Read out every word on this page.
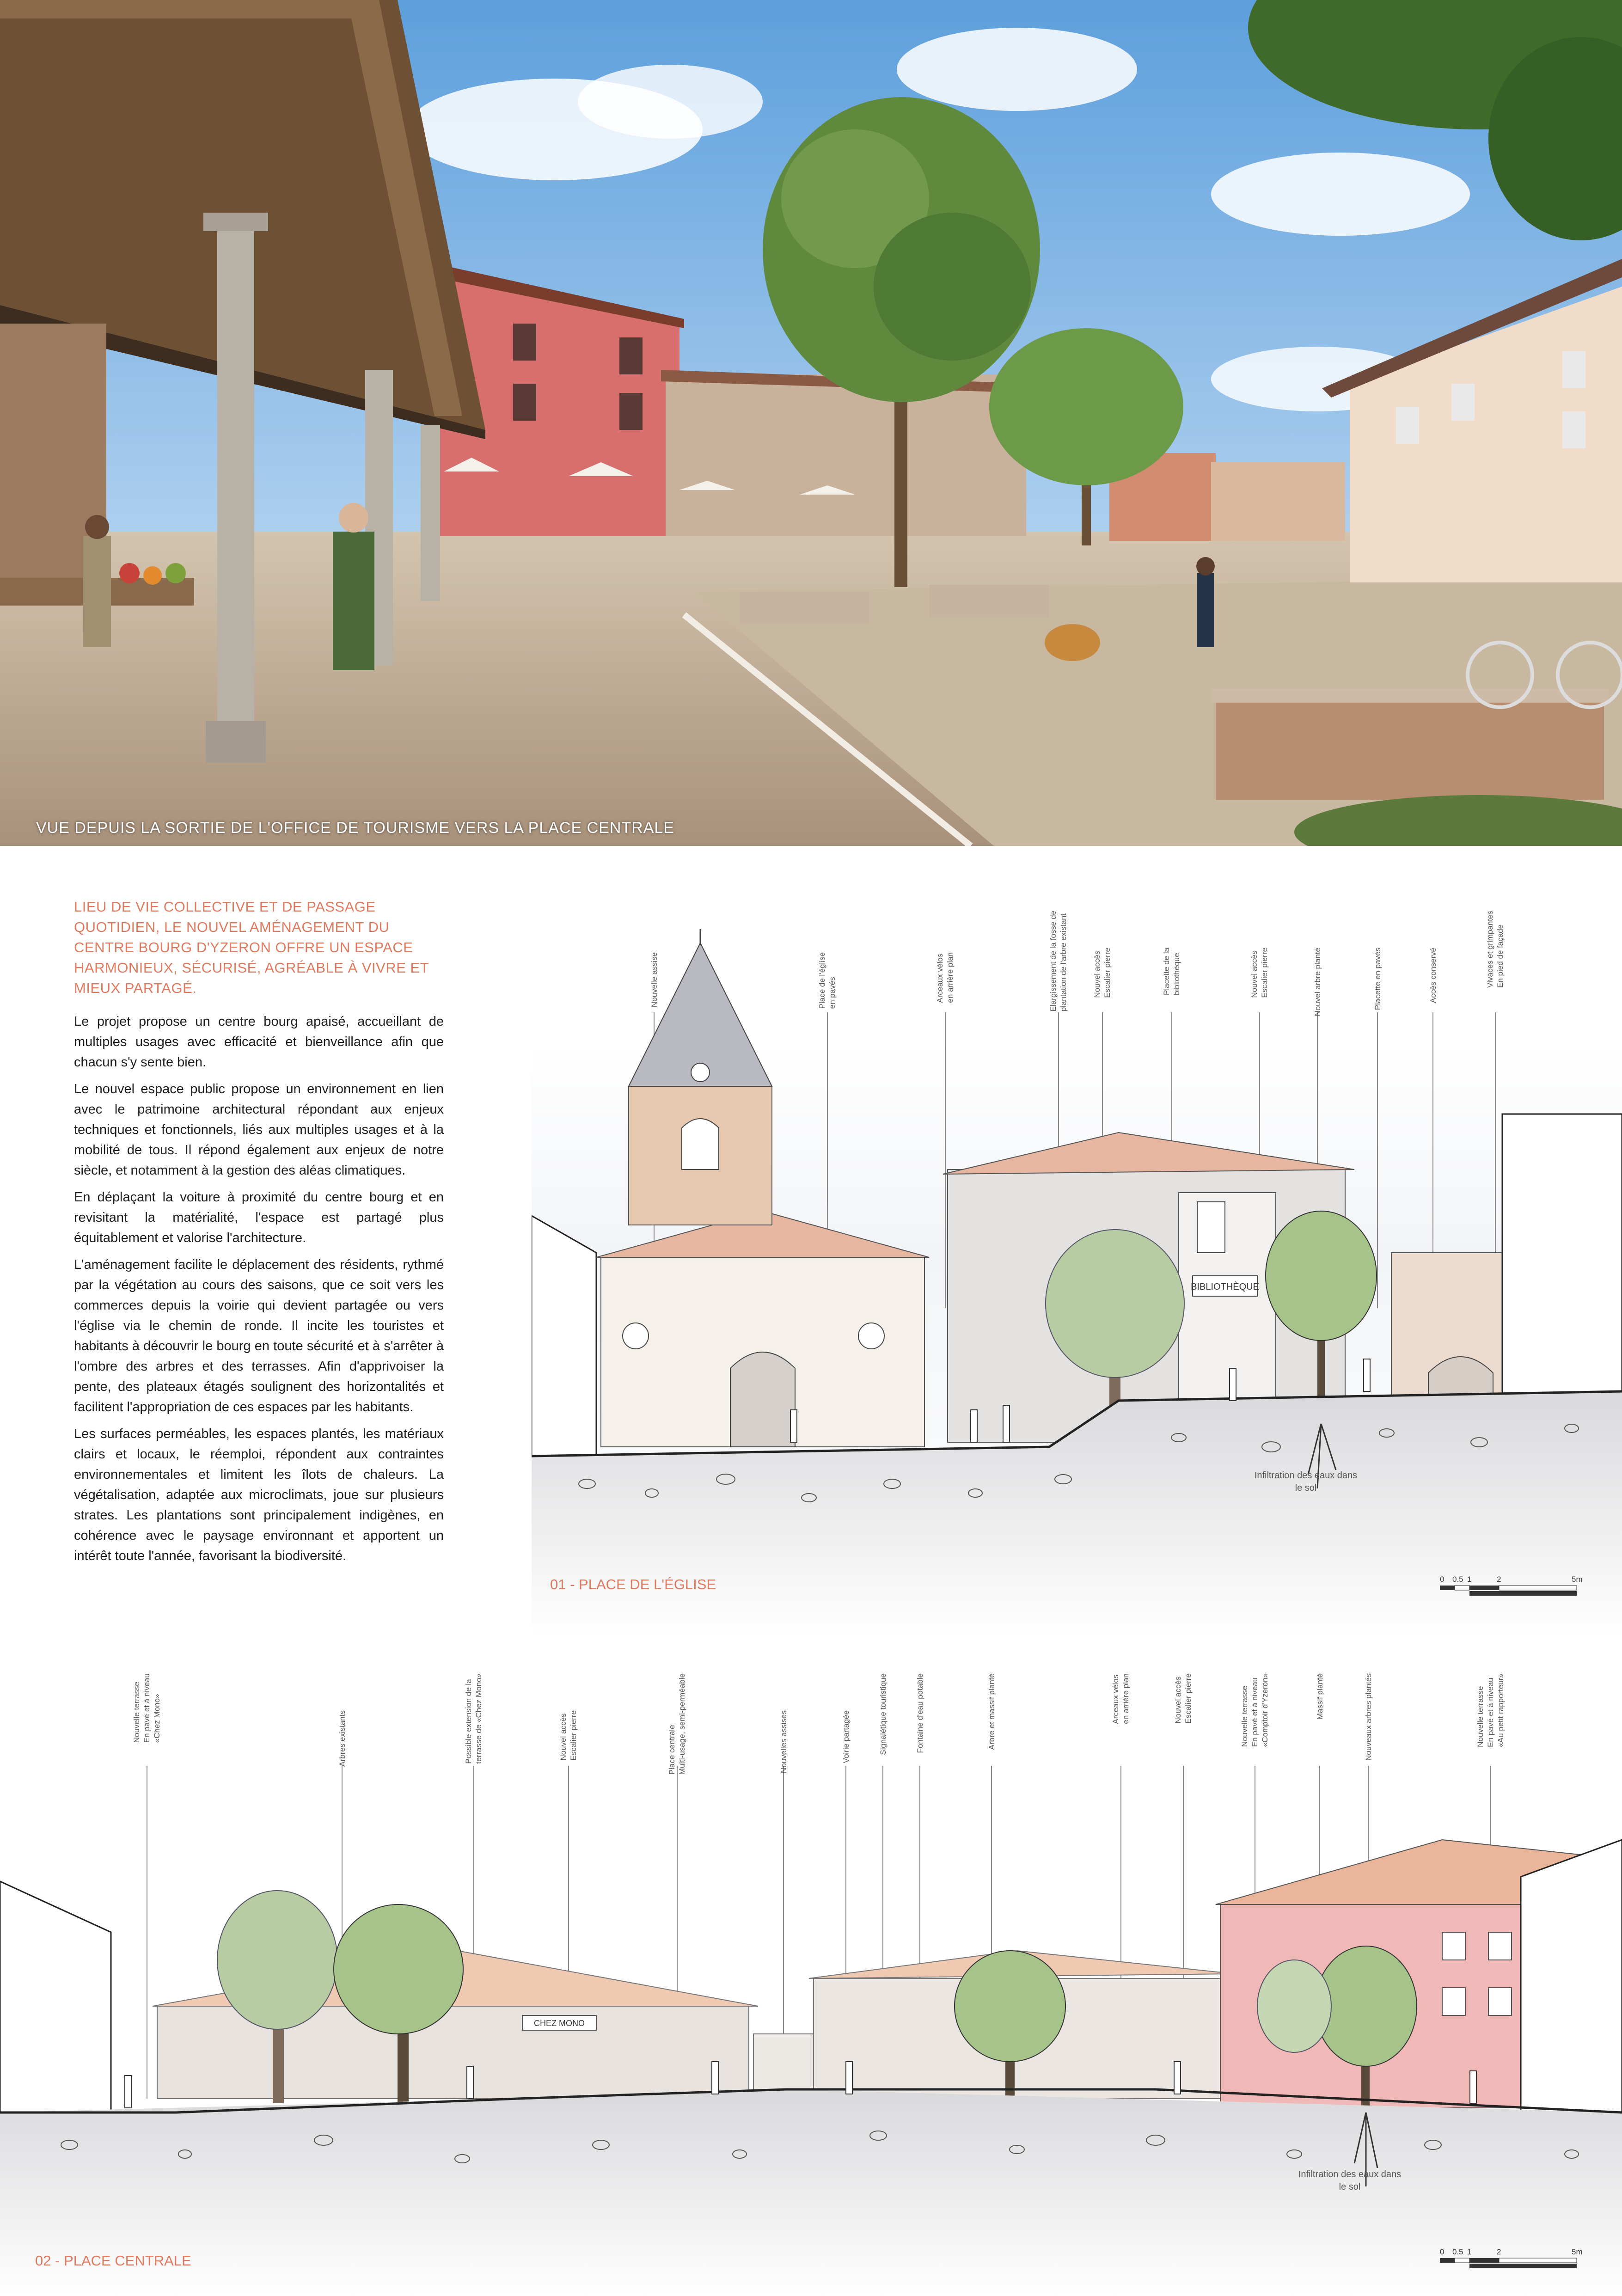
VUE DEPUIS LA SORTIE DE L'OFFICE DE TOURISME VERS LA PLACE CENTRALE

LIEU DE VIE COLLECTIVE ET DE PASSAGE QUOTIDIEN, LE NOUVEL AMÉNAGEMENT DU CENTRE BOURG D'YZERON OFFRE UN ESPACE HARMONIEUX, SÉCURISÉ, AGRÉABLE À VIVRE ET MIEUX PARTAGÉ.

Le projet propose un centre bourg apaisé, accueillant de multiples usages avec efficacité et bienveillance afin que chacun s'y sente bien.

Le nouvel espace public propose un environnement en lien avec le patrimoine architectural répondant aux enjeux techniques et fonctionnels, liés aux multiples usages et à la mobilité de tous. Il répond également aux enjeux de notre siècle, et notamment à la gestion des aléas climatiques.

En déplaçant la voiture à proximité du centre bourg et en revisitant la matérialité, l'espace est partagé plus équitablement et valorise l'architecture.

L'aménagement facilite le déplacement des résidents, rythmé par la végétation au cours des saisons, que ce soit vers les commerces depuis la voirie qui devient partagée ou vers l'église via le chemin de ronde. Il incite les touristes et habitants à découvrir le bourg en toute sécurité et à s'arrêter à l'ombre des arbres et des terrasses. Afin d'apprivoiser la pente, des plateaux étagés soulignent des horizontalités et facilitent l'appropriation de ces espaces par les habitants.

Les surfaces perméables, les espaces plantés, les matériaux clairs et locaux, le réemploi, répondent aux contraintes environnementales et limitent les îlots de chaleurs. La végétalisation, adaptée aux microclimats, joue sur plusieurs strates. Les plantations sont principalement indigènes, en cohérence avec le paysage environnant et apportent un intérêt toute l'année, favorisant la biodiversité.

BIBLIOTHÈQUE
Infiltration des eaux dans
le sol
0 0.5 1	2	5m
Nouvelle assise	Place de l'église en pavés	Arceaux vélos en arrière plan	Elargissement de la fosse de plantation de l'arbre existant	Nouvel accès Escalier pierre	Placette de la bibliothèque	Nouvel accès Escalier pierre	Nouvel arbre planté	Placette en pavés	Accès conservé	Vivaces et grimpantes En pied de façade
01 - PLACE DE L'ÉGLISE
CHEZ MONO
Infiltration des eaux dans
le sol
0 0.5 1	2	5m
Nouvelle terrasse En pavé et à niveau «Chez Mono»	Arbres existants	Possible extension de la terrasse de «Chez Mono»	Nouvel accès Escalier pierre	Place centrale Multi-usage, semi-perméable	Nouvelles assises	Voirie partagée	Signalétique touristique	Fontaine d'eau potable	Arbre et massif planté	Arceaux vélos en arrière plan	Nouvel accès Escalier pierre	Nouvelle terrasse En pavé et à niveau «Comptoir d'Yzeron»	Massif planté	Nouveaux arbres plantés	Nouvelle terrasse En pavé et à niveau «Au petit rapporteur»
02 - PLACE CENTRALE
